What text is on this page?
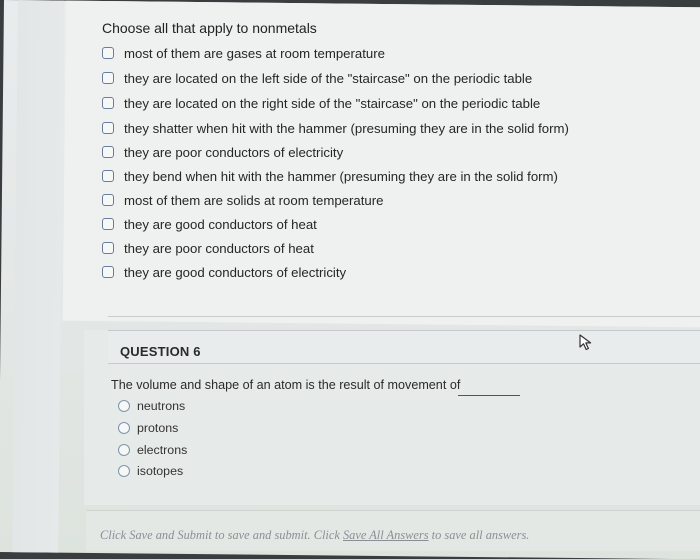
Choose all that apply to nonmetals
most of them are gases at room temperature
they are located on the left side of the "staircase" on the periodic table
they are located on the right side of the "staircase" on the periodic table
they shatter when hit with the hammer (presuming they are in the solid form)
they are poor conductors of electricity
they bend when hit with the hammer (presuming they are in the solid form)
most of them are solids at room temperature
they are good conductors of heat
they are poor conductors of heat
they are good conductors of electricity
QUESTION 6
The volume and shape of an atom is the result of movement of
neutrons
protons
electrons
isotopes
Click Save and Submit to save and submit. Click Save All Answers to save all answers.
